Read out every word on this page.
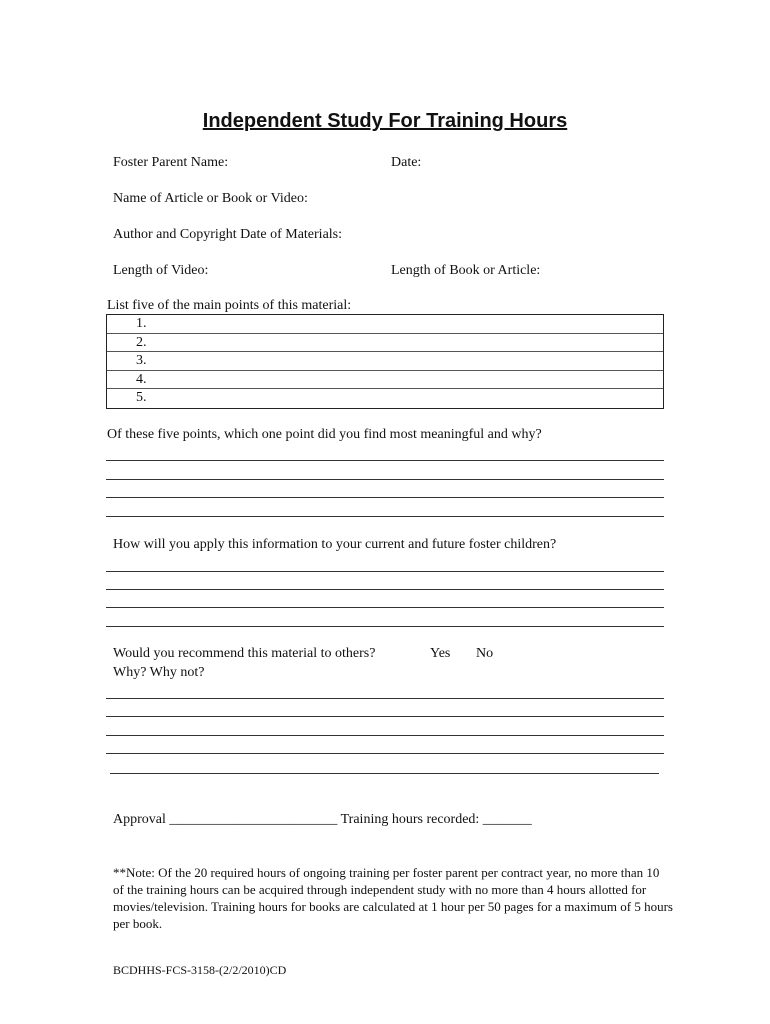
Independent Study For Training Hours
Foster Parent Name:	Date:
Name of Article or Book or Video:
Author and Copyright Date of Materials:
Length of Video:	Length of Book or Article:
List five of the main points of this material:
1.
2.
3.
4.
5.
Of these five points, which one point did you find most meaningful and why?
How will you apply this information to your current and future foster children?
Would you recommend this material to others?	Yes No
Why? Why not?
Approval ________________________ Training hours recorded: _______
**Note: Of the 20 required hours of ongoing training per foster parent per contract year, no more than 10 of the training hours can be acquired through independent study with no more than 4 hours allotted for movies/television. Training hours for books are calculated at 1 hour per 50 pages for a maximum of 5 hours per book.
BCDHHS-FCS-3158-(2/2/2010)CD
